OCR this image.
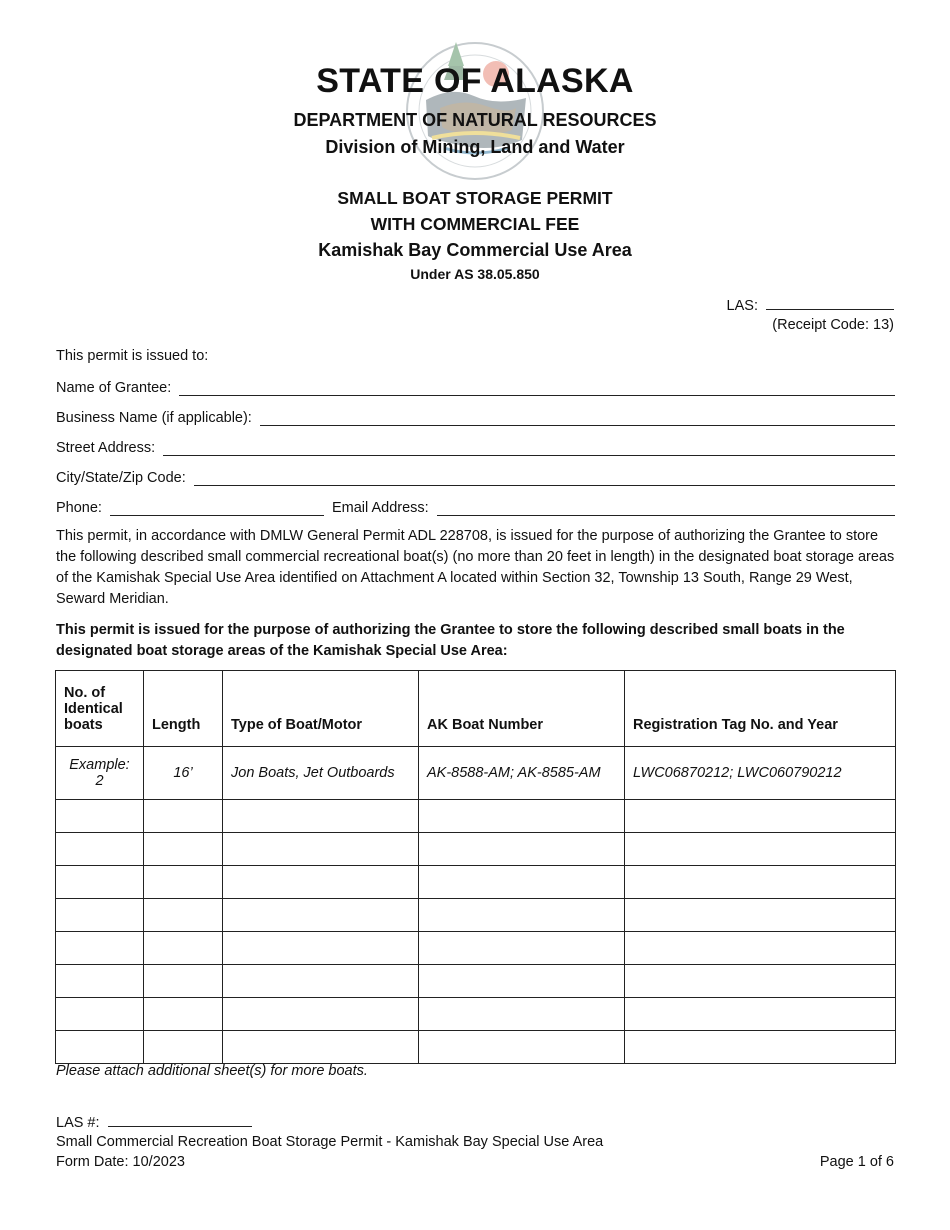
STATE OF ALASKA
DEPARTMENT OF NATURAL RESOURCES
Division of Mining, Land and Water
SMALL BOAT STORAGE PERMIT
WITH COMMERCIAL FEE
Kamishak Bay Commercial Use Area
Under AS 38.05.850
LAS:
(Receipt Code: 13)
This permit is issued to:
Name of Grantee:
Business Name (if applicable):
Street Address:
City/State/Zip Code:
Phone:	Email Address:
This permit, in accordance with DMLW General Permit ADL 228708, is issued for the purpose of authorizing the Grantee to store the following described small commercial recreational boat(s) (no more than 20 feet in length) in the designated boat storage areas of the Kamishak Special Use Area identified on Attachment A located within Section 32, Township 13 South, Range 29 West, Seward Meridian.
This permit is issued for the purpose of authorizing the Grantee to store the following described small boats in the designated boat storage areas of the Kamishak Special Use Area:
No. of
Identical
boats	Length	Type of Boat/Motor	AK Boat Number	Registration Tag No. and Year
Example:
2	16’	Jon Boats, Jet Outboards	AK-8588-AM; AK-8585-AM	LWC06870212; LWC060790212

Please attach additional sheet(s) for more boats.
LAS #:
Small Commercial Recreation Boat Storage Permit - Kamishak Bay Special Use Area
Form Date: 10/2023	Page 1 of 6
